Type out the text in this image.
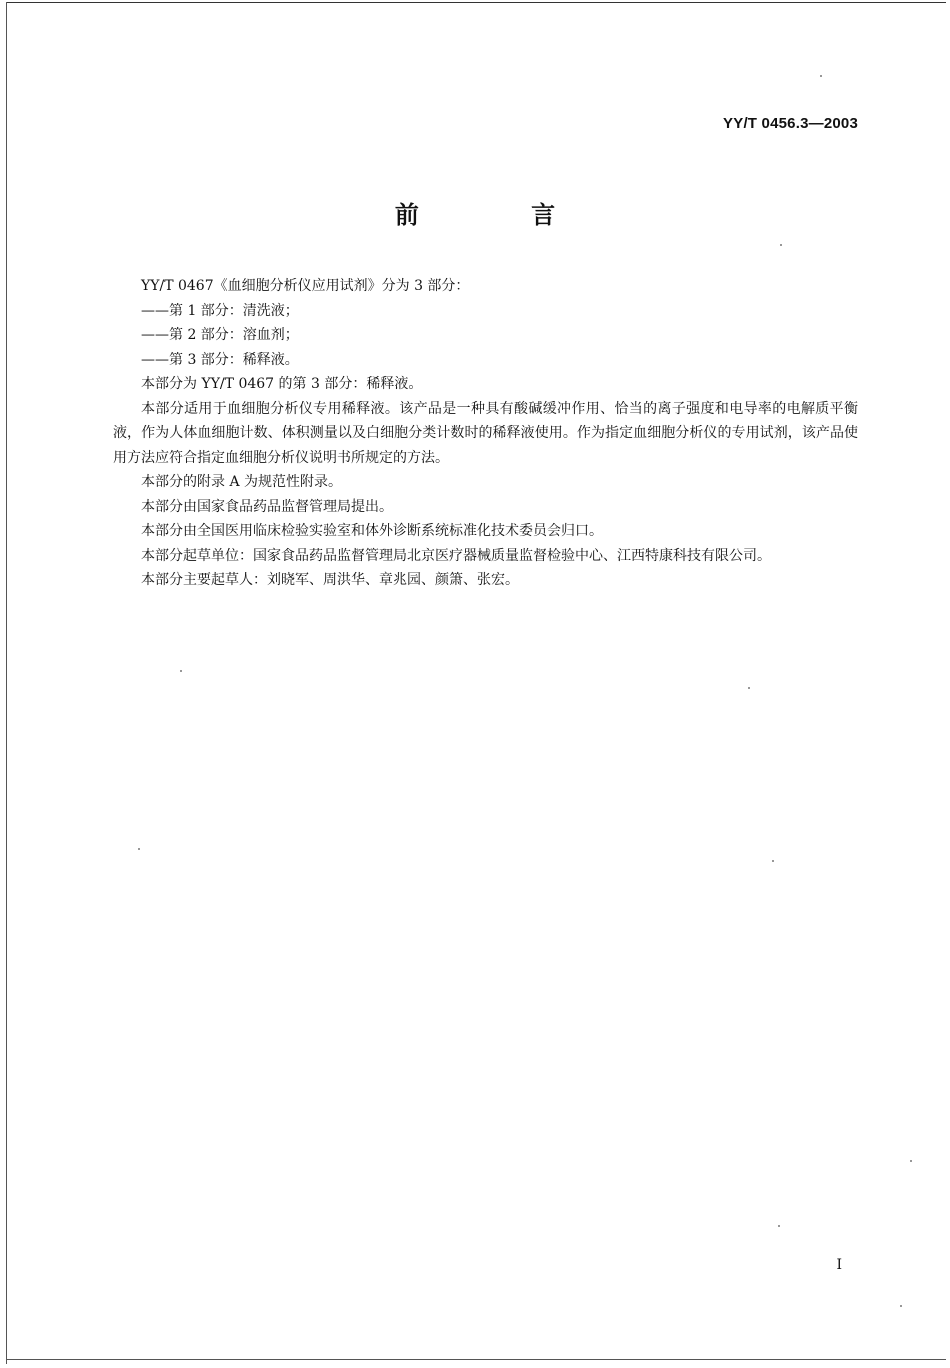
YY/T 0456.3—2003
前 言

YY/T 0467《血细胞分析仪应用试剂》分为 3 部分：

——第 1 部分：清洗液；

——第 2 部分：溶血剂；

——第 3 部分：稀释液。

本部分为 YY/T 0467 的第 3 部分：稀释液。

本部分适用于血细胞分析仪专用稀释液。该产品是一种具有酸碱缓冲作用、恰当的离子强度和电导率的电解质平衡液，作为人体血细胞计数、体积测量以及白细胞分类计数时的稀释液使用。作为指定血细胞分析仪的专用试剂，该产品使用方法应符合指定血细胞分析仪说明书所规定的方法。

本部分的附录 A 为规范性附录。

本部分由国家食品药品监督管理局提出。

本部分由全国医用临床检验实验室和体外诊断系统标准化技术委员会归口。

本部分起草单位：国家食品药品监督管理局北京医疗器械质量监督检验中心、江西特康科技有限公司。

本部分主要起草人：刘晓军、周洪华、章兆园、颜箫、张宏。

I
